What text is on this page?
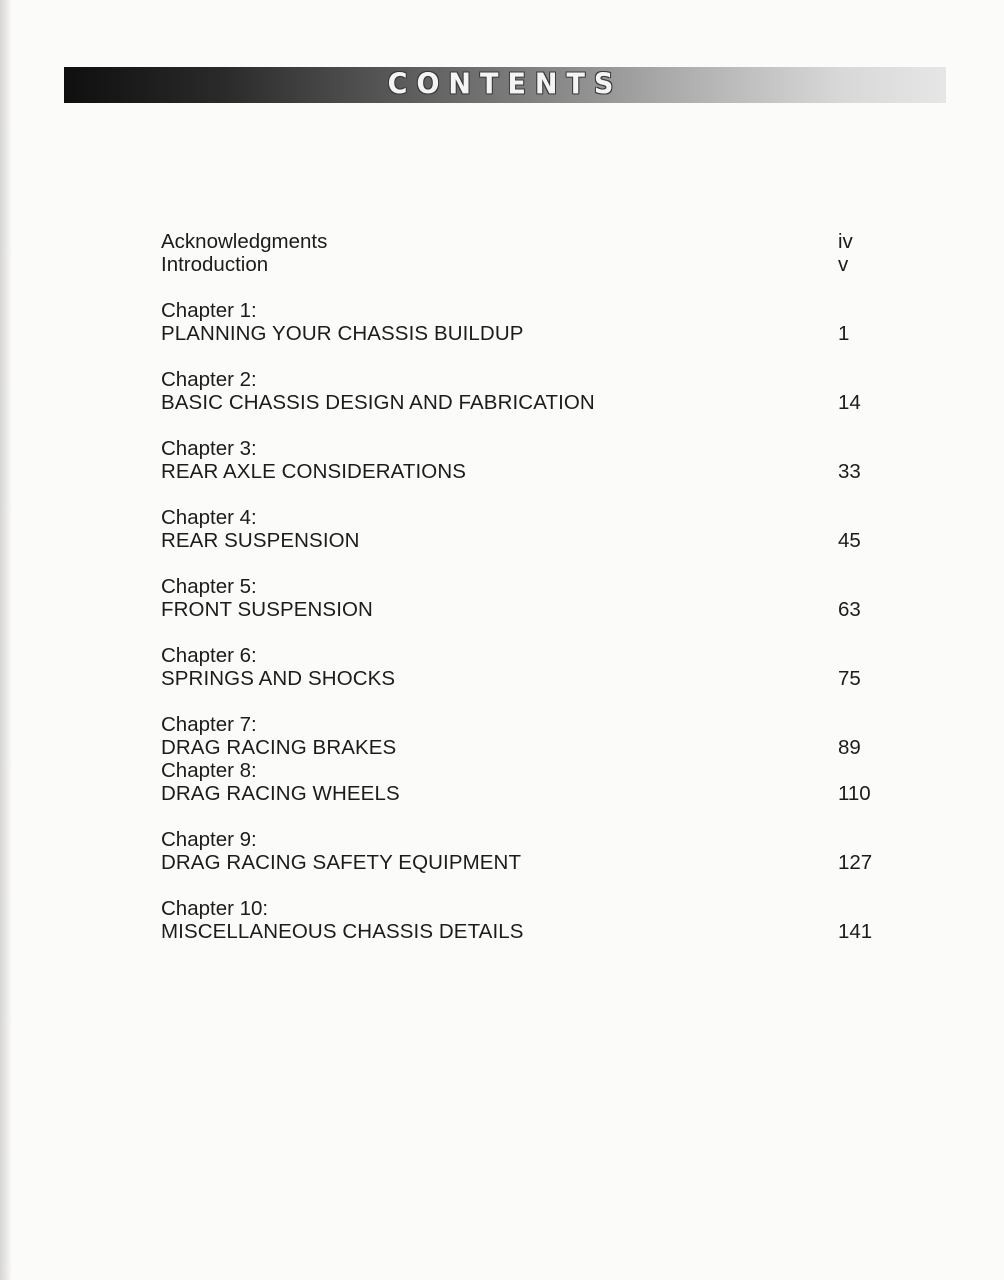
CONTENTS
Acknowledgments	iv
Introduction	v
Chapter 1:
PLANNING YOUR CHASSIS BUILDUP	1
Chapter 2:
BASIC CHASSIS DESIGN AND FABRICATION	14
Chapter 3:
REAR AXLE CONSIDERATIONS	33
Chapter 4:
REAR SUSPENSION	45
Chapter 5:
FRONT SUSPENSION	63
Chapter 6:
SPRINGS AND SHOCKS	75
Chapter 7:
DRAG RACING BRAKES	89
Chapter 8:
DRAG RACING WHEELS	110
Chapter 9:
DRAG RACING SAFETY EQUIPMENT	127
Chapter 10:
MISCELLANEOUS CHASSIS DETAILS	141
